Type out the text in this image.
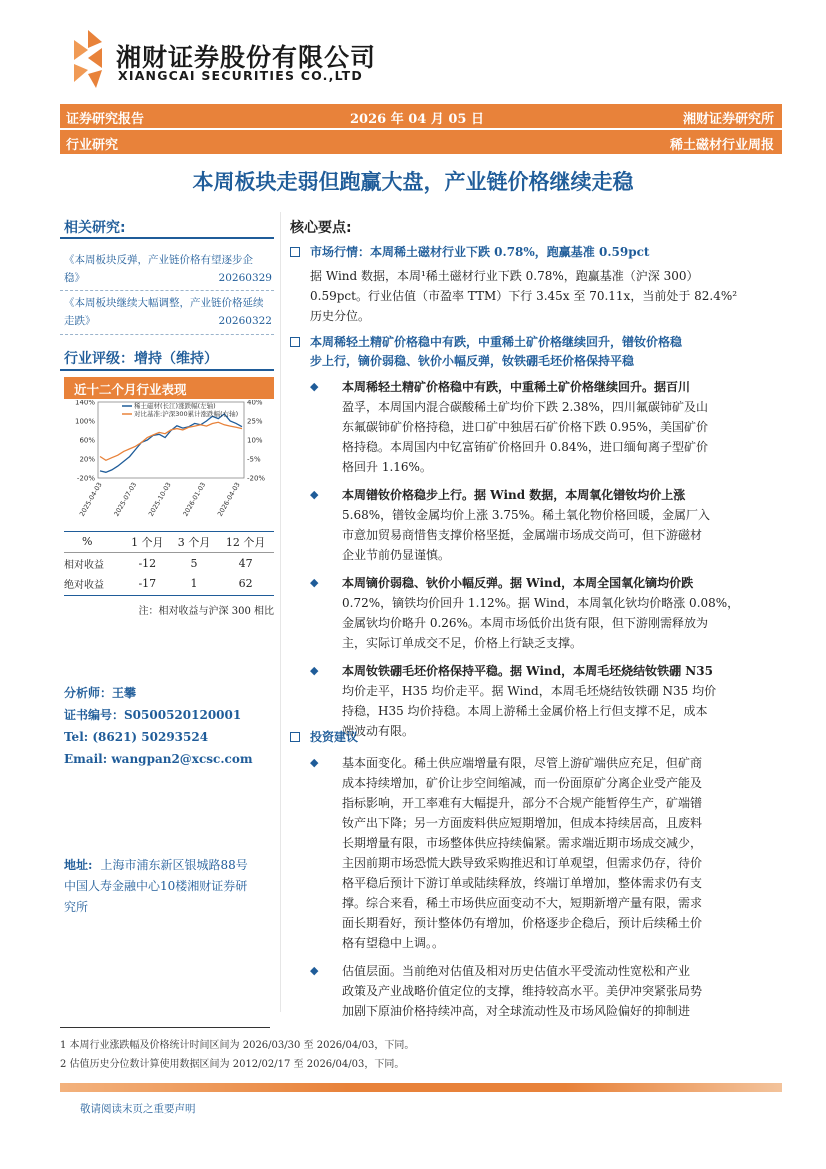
湘财证券股份有限公司
XIANGCAI SECURITIES CO.,LTD
证券研究报告	2026 年 04 月 05 日	湘财证券研究所
行业研究	稀土磁材行业周报
本周板块走弱但跑赢大盘，产业链价格继续走稳
相关研究:
《本周板块反弹，产业链价格有望逐步企
稳》	20260329
《本周板块继续大幅调整，产业链价格延续
走跌》	20260322
行业评级：增持（维持）
近十二个月行业表现
140%
100%
60%
20%
-20%
40%
25%
10%
-5%
-20%
2025-04-03 2025-07-03 2025-10-03 2026-01-03 2026-04-03
稀土磁材(长江)涨跌幅(左轴)
对比基准:沪深300累计涨跌幅(右轴)
%	1 个月	3 个月	12 个月

相对收益	-12	5	47
绝对收益	-17	1	62
注：相对收益与沪深 300 相比
分析师：王攀
证书编号：S0500520120001
Tel: (8621) 50293524
Email: wangpan2@xcsc.com
地址: 上海市浦东新区银城路88号
中国人寿金融中心10楼湘财证券研
究所
核心要点:
市场行情：本周稀土磁材行业下跌 0.78%，跑赢基准 0.59pct
据 Wind 数据，本周¹稀土磁材行业下跌 0.78%，跑赢基准（沪深 300）
0.59pct。行业估值（市盈率 TTM）下行 3.45x 至 70.11x，当前处于 82.4%²
历史分位。
本周稀轻土精矿价格稳中有跌，中重稀土矿价格继续回升，镨钕价格稳
步上行，镝价弱稳、钬价小幅反弹，钕铁硼毛坯价格保持平稳
◆ 本周稀轻土精矿价格稳中有跌，中重稀土矿价格继续回升。据百川
盈孚，本周国内混合碳酸稀土矿均价下跌 2.38%，四川氟碳铈矿及山
东氟碳铈矿价格持稳，进口矿中独居石矿价格下跌 0.95%，美国矿价
格持稳。本周国内中钇富铕矿价格回升 0.84%，进口缅甸离子型矿价
格回升 1.16%。
◆ 本周镨钕价格稳步上行。据 Wind 数据，本周氧化镨钕均价上涨
5.68%，镨钕金属均价上涨 3.75%。稀土氧化物价格回暖，金属厂入
市意加贸易商惜售支撑价格坚挺，金属端市场成交尚可，但下游磁材
企业节前仍显谨慎。
◆ 本周镝价弱稳、钬价小幅反弹。据 Wind，本周全国氧化镝均价跌
0.72%，镝铁均价回升 1.12%。据 Wind，本周氧化钬均价略涨 0.08%，
金属钬均价略升 0.26%。本周市场低价出货有限，但下游刚需释放为
主，实际订单成交不足，价格上行缺乏支撑。
◆ 本周钕铁硼毛坯价格保持平稳。据 Wind，本周毛坯烧结钕铁硼 N35
均价走平，H35 均价走平。据 Wind，本周毛坯烧结钕铁硼 N35 均价
持稳，H35 均价持稳。本周上游稀土金属价格上行但支撑不足，成本
端波动有限。
投资建议
◆ 基本面变化。稀土供应端增量有限，尽管上游矿端供应充足，但矿商
成本持续增加，矿价让步空间缩减，而一份面原矿分离企业受产能及
指标影响，开工率难有大幅提升，部分不合规产能暂停生产，矿端镨
钕产出下降；另一方面废料供应短期增加，但成本持续居高，且废料
长期增量有限，市场整体供应持续偏紧。需求端近期市场成交减少，
主因前期市场恐慌大跌导致采购推迟和订单观望，但需求仍存，待价
格平稳后预计下游订单或陆续释放，终端订单增加，整体需求仍有支
撑。综合来看，稀土市场供应面变动不大，短期新增产量有限，需求
面长期看好，预计整体仍有增加，价格逐步企稳后，预计后续稀土价
格有望稳中上调。。
◆ 估值层面。当前绝对估值及相对历史估值水平受流动性宽松和产业
政策及产业战略价值定位的支撑，维持较高水平。美伊冲突紧张局势
加剧下原油价格持续冲高，对全球流动性及市场风险偏好的抑制进
1 本周行业涨跌幅及价格统计时间区间为 2026/03/30 至 2026/04/03，下同。
2 估值历史分位数计算使用数据区间为 2012/02/17 至 2026/04/03，下同。
敬请阅读末页之重要声明
